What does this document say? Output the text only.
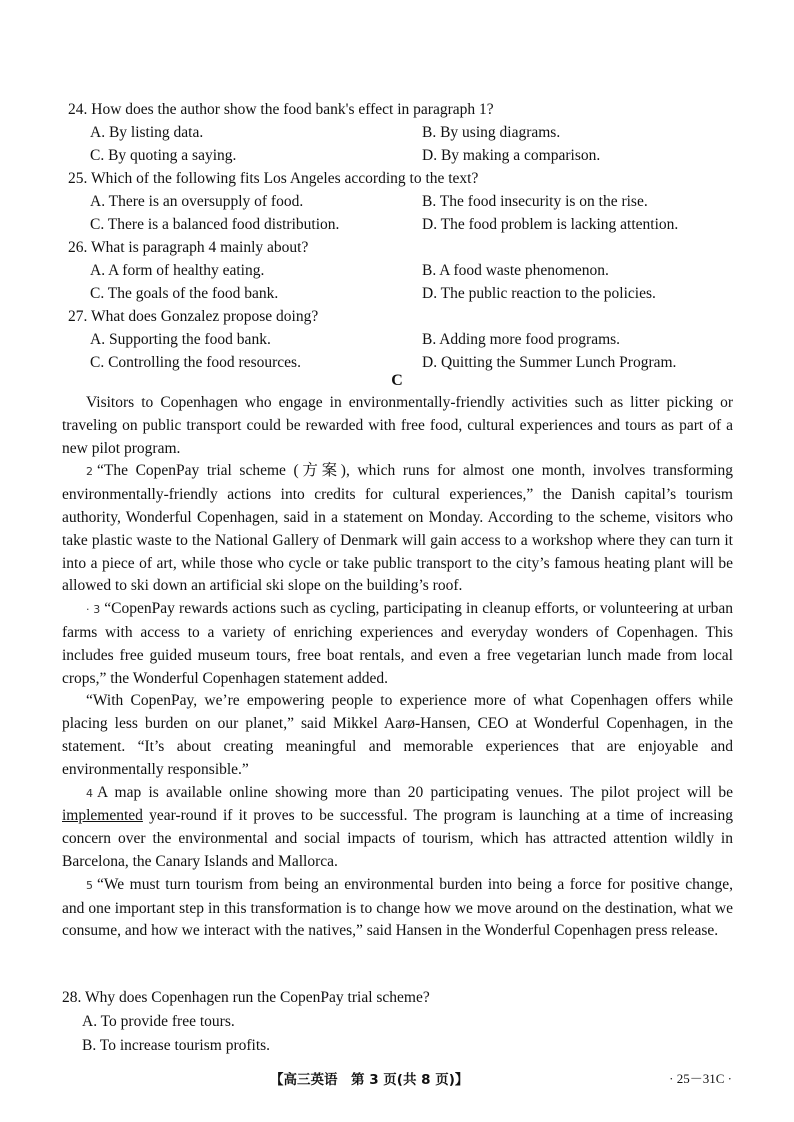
24. How does the author show the food bank's effect in paragraph 1?
A. By listing data.	B. By using diagrams.
C. By quoting a saying.	D. By making a comparison.
25. Which of the following fits Los Angeles according to the text?
A. There is an oversupply of food.	B. The food insecurity is on the rise.
C. There is a balanced food distribution.	D. The food problem is lacking attention.
26. What is paragraph 4 mainly about?
A. A form of healthy eating.	B. A food waste phenomenon.
C. The goals of the food bank.	D. The public reaction to the policies.
27. What does Gonzalez propose doing?
A. Supporting the food bank.	B. Adding more food programs.
C. Controlling the food resources.	D. Quitting the Summer Lunch Program.
C

Visitors to Copenhagen who engage in environmentally-friendly activities such as litter picking or traveling on public transport could be rewarded with free food, cultural experiences and tours as part of a new pilot program.

2 “The CopenPay trial scheme (方案), which runs for almost one month, involves transforming environmentally-friendly actions into credits for cultural experiences,” the Danish capital’s tourism authority, Wonderful Copenhagen, said in a statement on Monday. According to the scheme, visitors who take plastic waste to the National Gallery of Denmark will gain access to a workshop where they can turn it into a piece of art, while those who cycle or take public transport to the city’s famous heating plant will be allowed to ski down an artificial ski slope on the building’s roof.

· 3 “CopenPay rewards actions such as cycling, participating in cleanup efforts, or volunteering at urban farms with access to a variety of enriching experiences and everyday wonders of Copenhagen. This includes free guided museum tours, free boat rentals, and even a free vegetarian lunch made from local crops,” the Wonderful Copenhagen statement added.

“With CopenPay, we’re empowering people to experience more of what Copenhagen offers while placing less burden on our planet,” said Mikkel Aarø-Hansen, CEO at Wonderful Copenhagen, in the statement. “It’s about creating meaningful and memorable experiences that are enjoyable and environmentally responsible.”

4 A map is available online showing more than 20 participating venues. The pilot project will be implemented year-round if it proves to be successful. The program is launching at a time of increasing concern over the environmental and social impacts of tourism, which has attracted attention wildly in Barcelona, the Canary Islands and Mallorca.

5 “We must turn tourism from being an environmental burden into being a force for positive change, and one important step in this transformation is to change how we move around on the destination, what we consume, and how we interact with the natives,” said Hansen in the Wonderful Copenhagen press release.

28. Why does Copenhagen run the CopenPay trial scheme?
A. To provide free tours.
B. To increase tourism profits.
【高三英语　第 3 页(共 8 页)】	· 25－31C ·
